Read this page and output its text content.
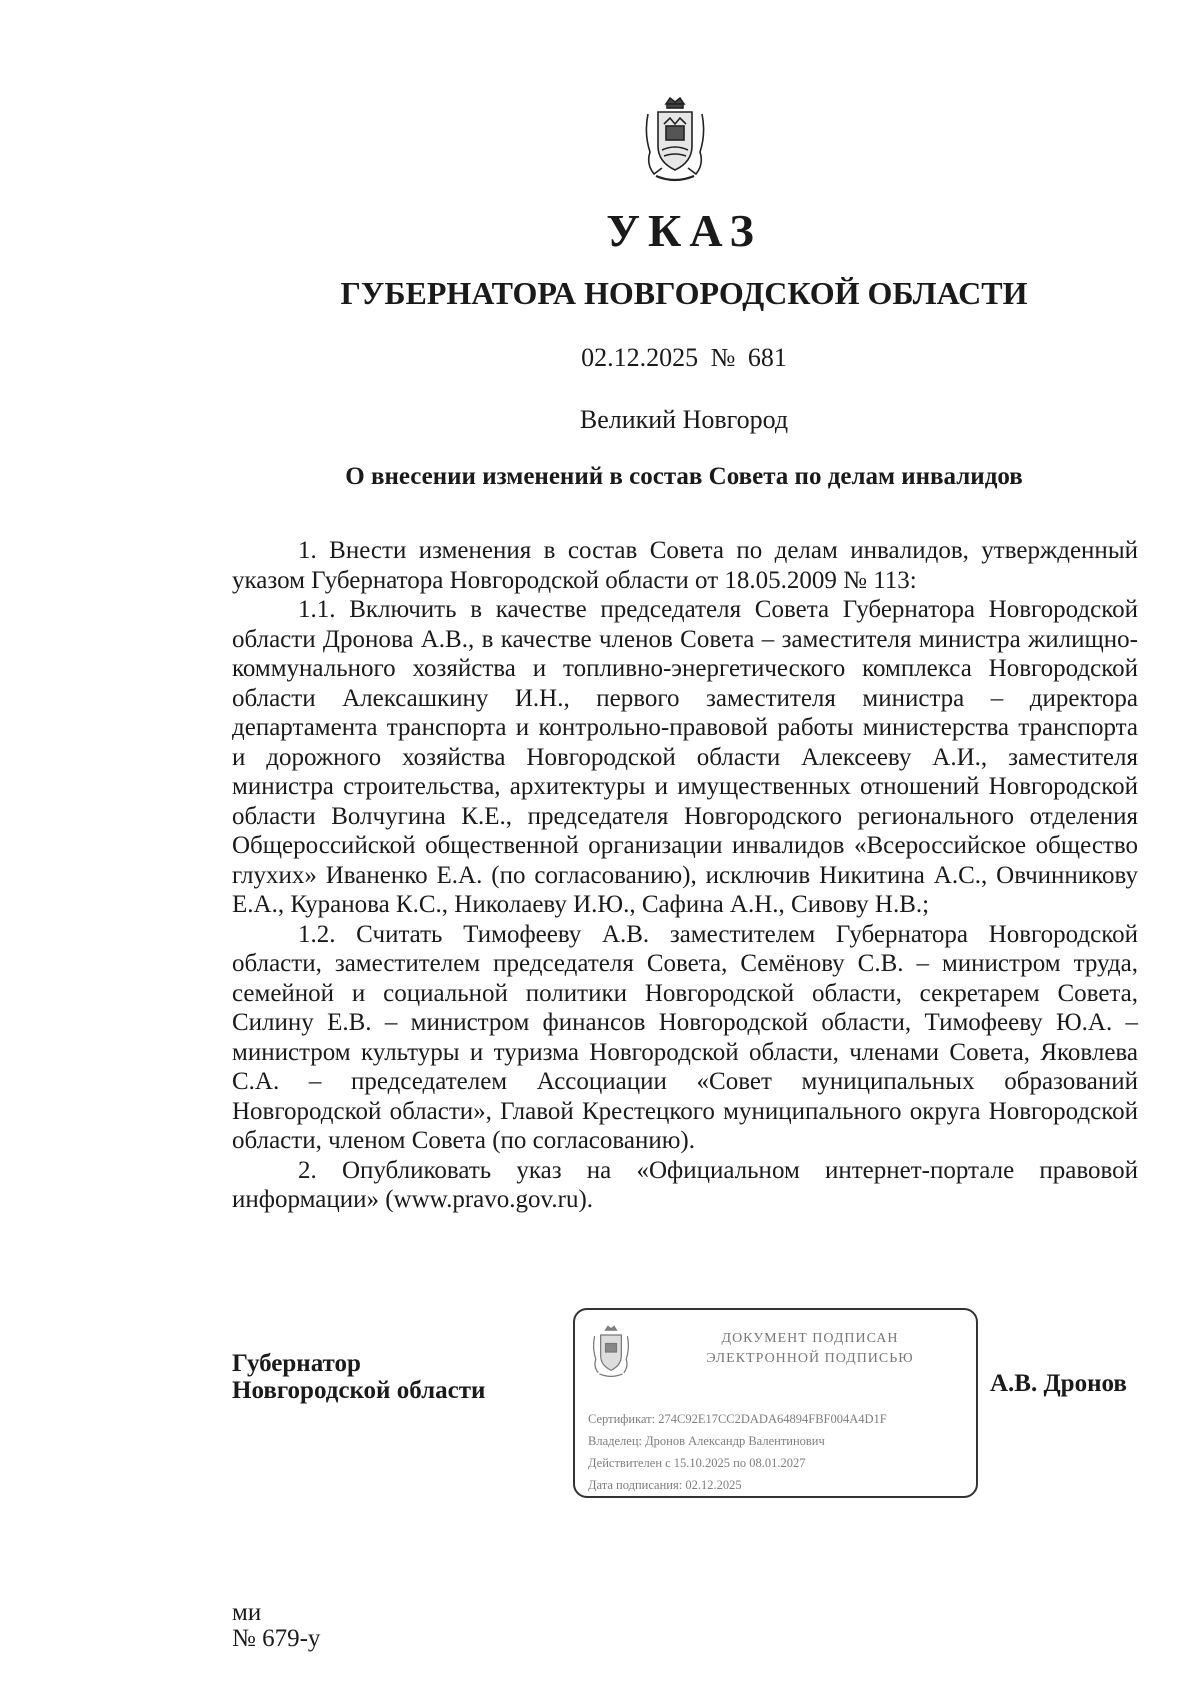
УКАЗ
ГУБЕРНАТОРА НОВГОРОДСКОЙ ОБЛАСТИ
02.12.2025 № 681
Великий Новгород
О внесении изменений в состав Совета по делам инвалидов

1. Внести изменения в состав Совета по делам инвалидов, утвержденный указом Губернатора Новгородской области от 18.05.2009 № 113:

1.1. Включить в качестве председателя Совета Губернатора Новгородской области Дронова А.В., в качестве членов Совета – заместителя министра жилищно-коммунального хозяйства и топливно-энергетического комплекса Новгородской области Алексашкину И.Н., первого заместителя министра – директора департамента транспорта и контрольно-правовой работы министерства транспорта и дорожного хозяйства Новгородской области Алексееву А.И., заместителя министра строительства, архитектуры и имущественных отношений Новгородской области Волчугина К.Е., председателя Новгородского регионального отделения Общероссийской общественной организации инвалидов «Всероссийское общество глухих» Иваненко Е.А. (по согласованию), исключив Никитина А.С., Овчинникову Е.А., Куранова К.С., Николаеву И.Ю., Сафина А.Н., Сивову Н.В.;

1.2. Считать Тимофееву А.В. заместителем Губернатора Новгородской области, заместителем председателя Совета, Семёнову С.В. – министром труда, семейной и социальной политики Новгородской области, секретарем Совета, Силину Е.В. – министром финансов Новгородской области, Тимофееву Ю.А. – министром культуры и туризма Новгородской области, членами Совета, Яковлева С.А. – председателем Ассоциации «Совет муниципальных образований Новгородской области», Главой Крестецкого муниципального округа Новгородской области, членом Совета (по согласованию).

2. Опубликовать указ на «Официальном интернет-портале правовой информации» (www.pravo.gov.ru).

Губернатор
Новгородской области
ДОКУМЕНТ ПОДПИСАН
ЭЛЕКТРОННОЙ ПОДПИСЬЮ
Сертификат: 274C92E17CC2DADA64894FBF004A4D1F
Владелец: Дронов Александр Валентинович
Действителен с 15.10.2025 по 08.01.2027
Дата подписания: 02.12.2025
А.В. Дронов
ми
№ 679-у
